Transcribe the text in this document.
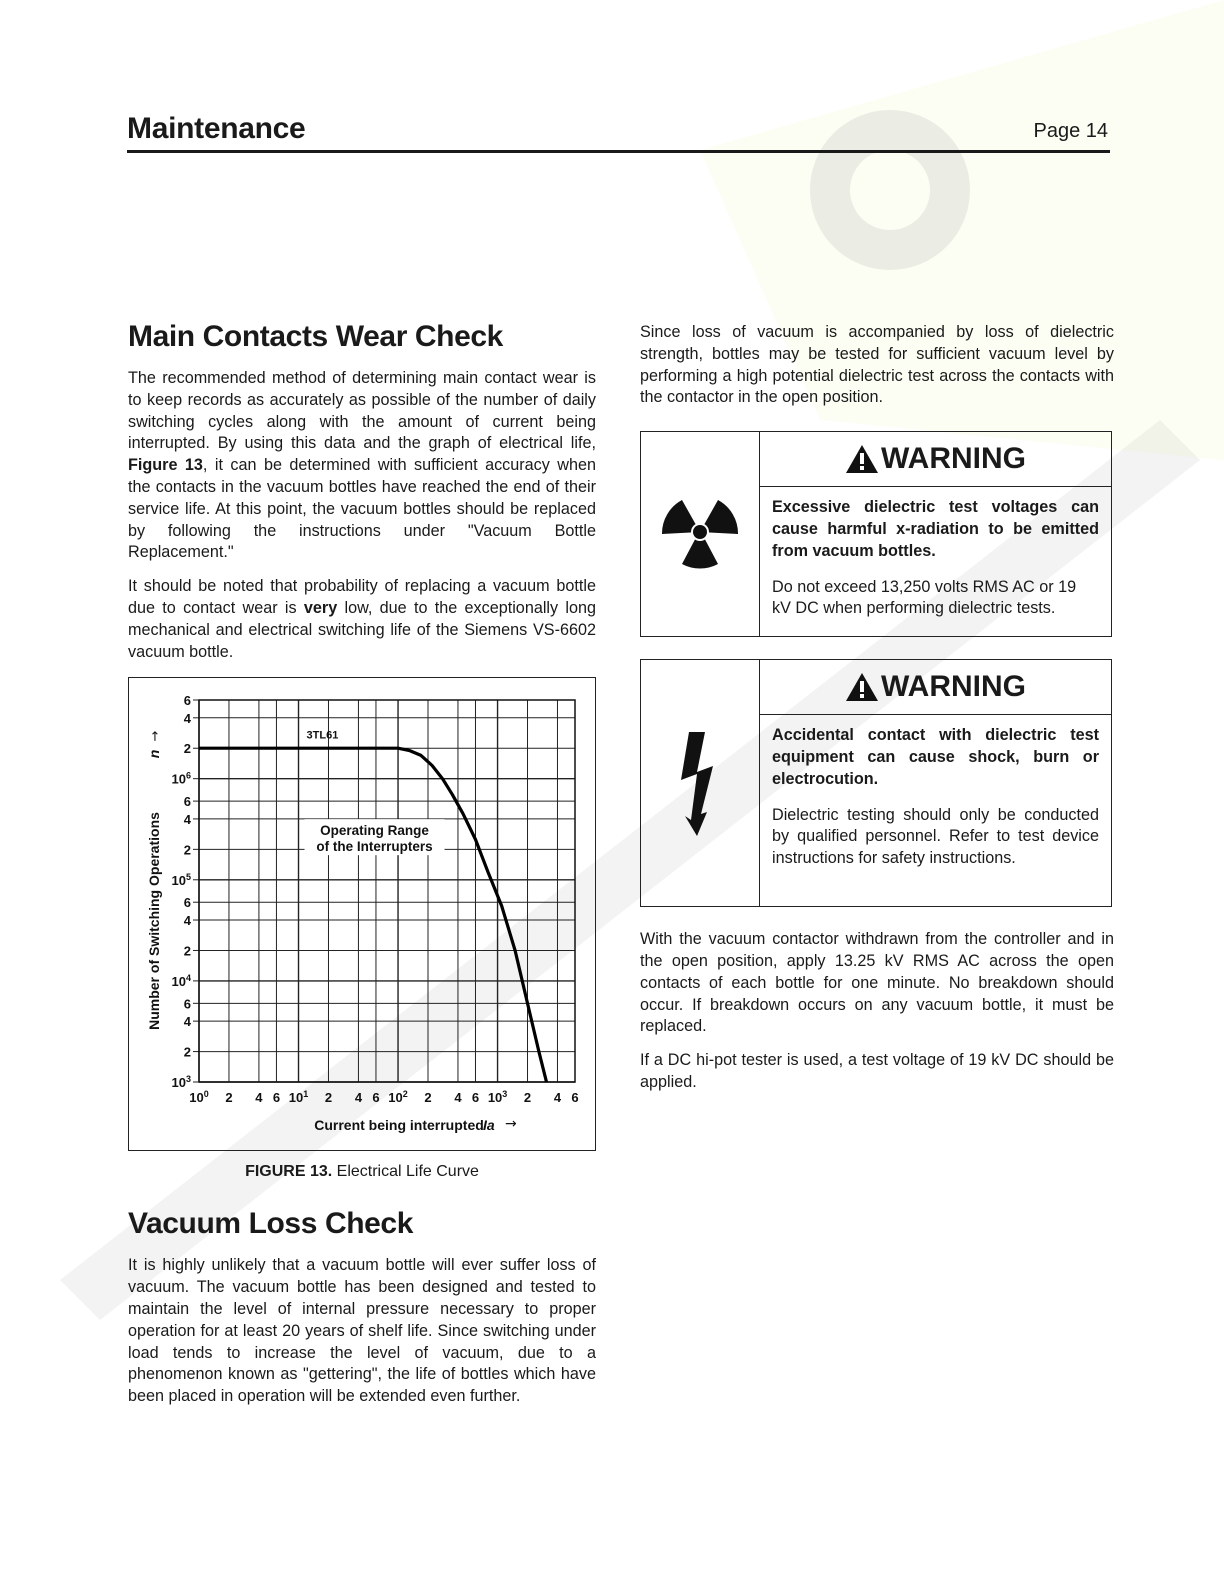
Maintenance	Page 14
Main Contacts Wear Check

The recommended method of determining main contact wear is to keep records as accurately as possible of the number of daily switching cycles along with the amount of current being interrupted. By using this data and the graph of electrical life, Figure 13, it can be determined with sufficient accuracy when the contacts in the vacuum bottles have reached the end of their service life. At this point, the vacuum bottles should be replaced by following the instructions under "Vacuum Bottle Replacement."

It should be noted that probability of replacing a vacuum bottle due to contact wear is very low, due to the exceptionally long mechanical and electrical switching life of the Siemens VS-6602 vacuum bottle.

$10^0$ 2 4 6 $10^1$ 2 4 6 $10^2$ 2 4 6 $10^3$ 2 4 6
$10^3$
2
4
6
$10^4$
2
4
6
$10^5$
2
4
6
$10^6$
2
4
6
3TL61
Operating Range
of the Interrupters
Current being interrupted Ia →
Number of Switching Operations
n
→
FIGURE 13. Electrical Life Curve
Vacuum Loss Check

It is highly unlikely that a vacuum bottle will ever suffer loss of vacuum. The vacuum bottle has been designed and tested to maintain the level of internal pressure necessary to proper operation for at least 20 years of shelf life. Since switching under load tends to increase the level of vacuum, due to a phenomenon known as "gettering", the life of bottles which have been placed in operation will be extended even further.

Since loss of vacuum is accompanied by loss of dielectric strength, bottles may be tested for sufficient vacuum level by performing a high potential dielectric test across the contacts with the contactor in the open position.

WARNING

Excessive dielectric test voltages can cause harmful x-radiation to be emitted from vacuum bottles.

Do not exceed 13,250 volts RMS AC or 19 kV DC when performing dielectric tests.

WARNING

Accidental contact with dielectric test equipment can cause shock, burn or electrocution.

Dielectric testing should only be conducted by qualified personnel. Refer to test device instructions for safety instructions.

With the vacuum contactor withdrawn from the controller and in the open position, apply 13.25 kV RMS AC across the open contacts of each bottle for one minute. No breakdown should occur. If breakdown occurs on any vacuum bottle, it must be replaced.

If a DC hi-pot tester is used, a test voltage of 19 kV DC should be applied.
